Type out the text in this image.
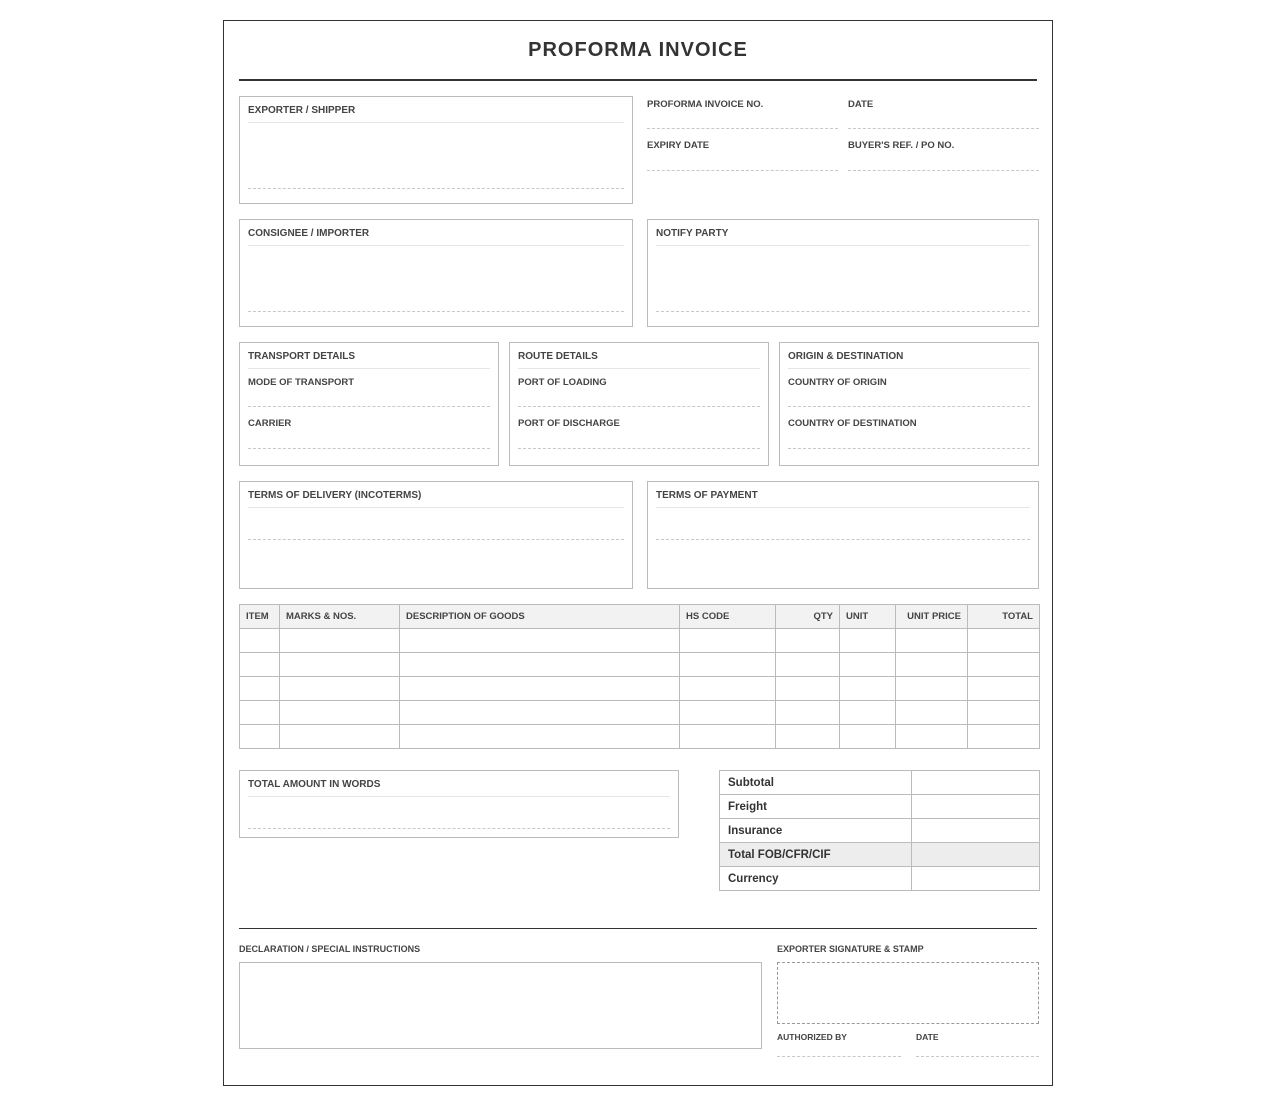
PROFORMA INVOICE
EXPORTER / SHIPPER
PROFORMA INVOICE NO.	DATE
EXPIRY DATE	BUYER'S REF. / PO NO.
CONSIGNEE / IMPORTER	NOTIFY PARTY
TRANSPORT DETAILS
MODE OF TRANSPORT
CARRIER
ROUTE DETAILS
PORT OF LOADING
PORT OF DISCHARGE
ORIGIN & DESTINATION
COUNTRY OF ORIGIN
COUNTRY OF DESTINATION
TERMS OF DELIVERY (INCOTERMS)	TERMS OF PAYMENT
ITEM	MARKS & NOS.	DESCRIPTION OF GOODS	HS CODE	QTY	UNIT	UNIT PRICE	TOTAL

TOTAL AMOUNT IN WORDS	Subtotal	
Freight	
Insurance	
Total FOB/CFR/CIF	
Currency	
DECLARATION / SPECIAL INSTRUCTIONS	EXPORTER SIGNATURE & STAMP
AUTHORIZED BY	DATE
